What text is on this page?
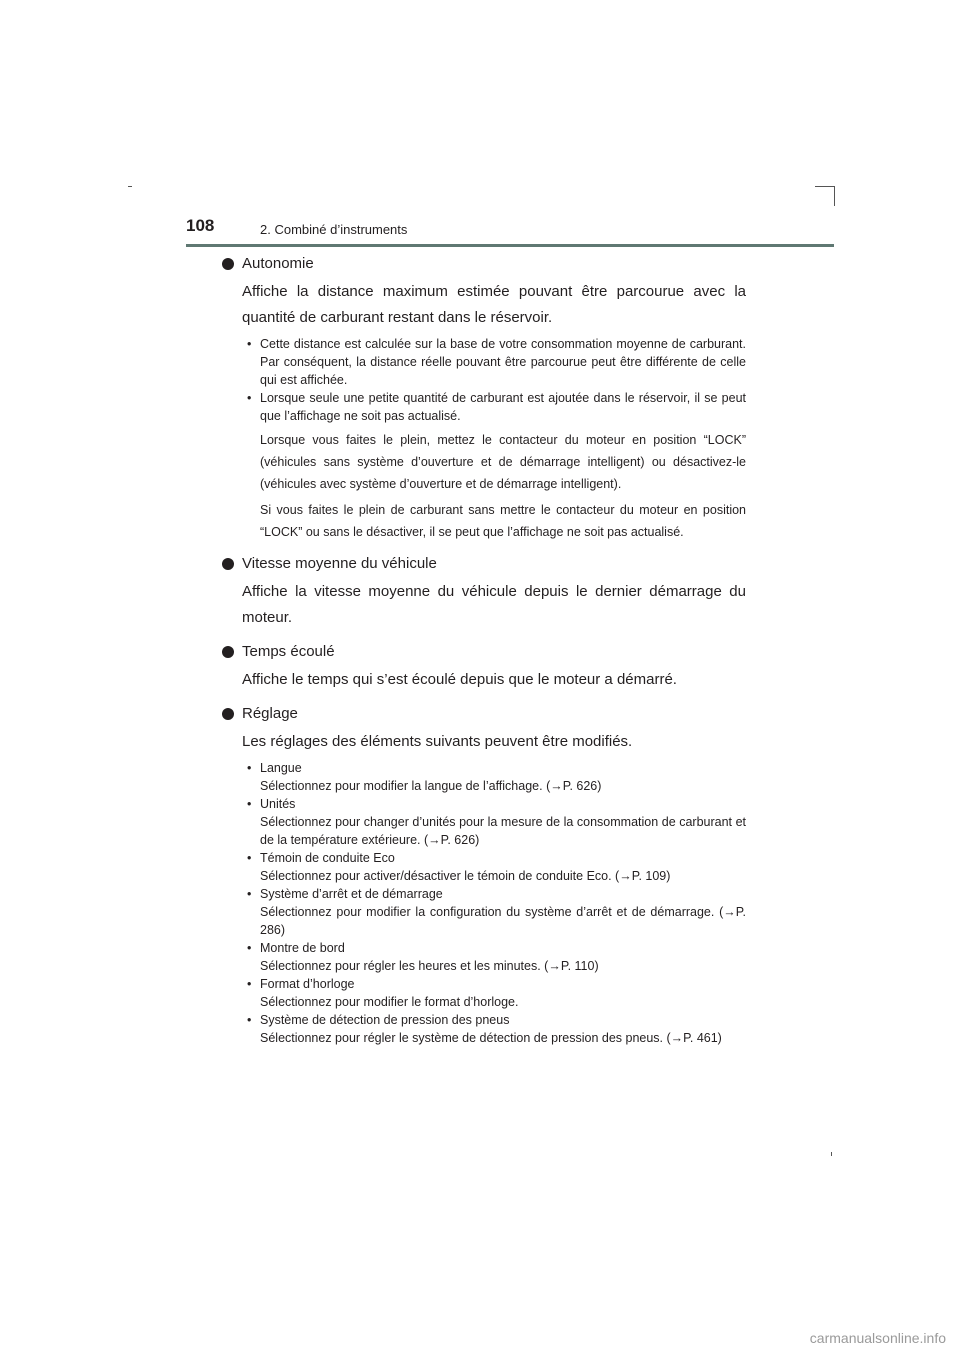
108	2. Combiné d’instruments
Autonomie
Affiche la distance maximum estimée pouvant être parcourue avec la quantité de carburant restant dans le réservoir.
• Cette distance est calculée sur la base de votre consommation moyenne de carburant. Par conséquent, la distance réelle pouvant être parcourue peut être différente de celle qui est affichée.
• Lorsque seule une petite quantité de carburant est ajoutée dans le réservoir, il se peut que l’affichage ne soit pas actualisé.
Lorsque vous faites le plein, mettez le contacteur du moteur en position “LOCK” (véhicules sans système d’ouverture et de démarrage intelligent) ou désactivez-le (véhicules avec système d’ouverture et de démarrage intelligent).
Si vous faites le plein de carburant sans mettre le contacteur du moteur en position “LOCK” ou sans le désactiver, il se peut que l’affichage ne soit pas actualisé.
Vitesse moyenne du véhicule
Affiche la vitesse moyenne du véhicule depuis le dernier démarrage du moteur.
Temps écoulé
Affiche le temps qui s’est écoulé depuis que le moteur a démarré.
Réglage
Les réglages des éléments suivants peuvent être modifiés.
• Langue
Sélectionnez pour modifier la langue de l’affichage. (→P. 626)
• Unités
Sélectionnez pour changer d’unités pour la mesure de la consommation de carburant et de la température extérieure. (→P. 626)
• Témoin de conduite Eco
Sélectionnez pour activer/désactiver le témoin de conduite Eco. (→P. 109)
• Système d’arrêt et de démarrage
Sélectionnez pour modifier la configuration du système d’arrêt et de démarrage. (→P. 286)
• Montre de bord
Sélectionnez pour régler les heures et les minutes. (→P. 110)
• Format d’horloge
Sélectionnez pour modifier le format d’horloge.
• Système de détection de pression des pneus
Sélectionnez pour régler le système de détection de pression des pneus. (→P. 461)
carmanualsonline.info
